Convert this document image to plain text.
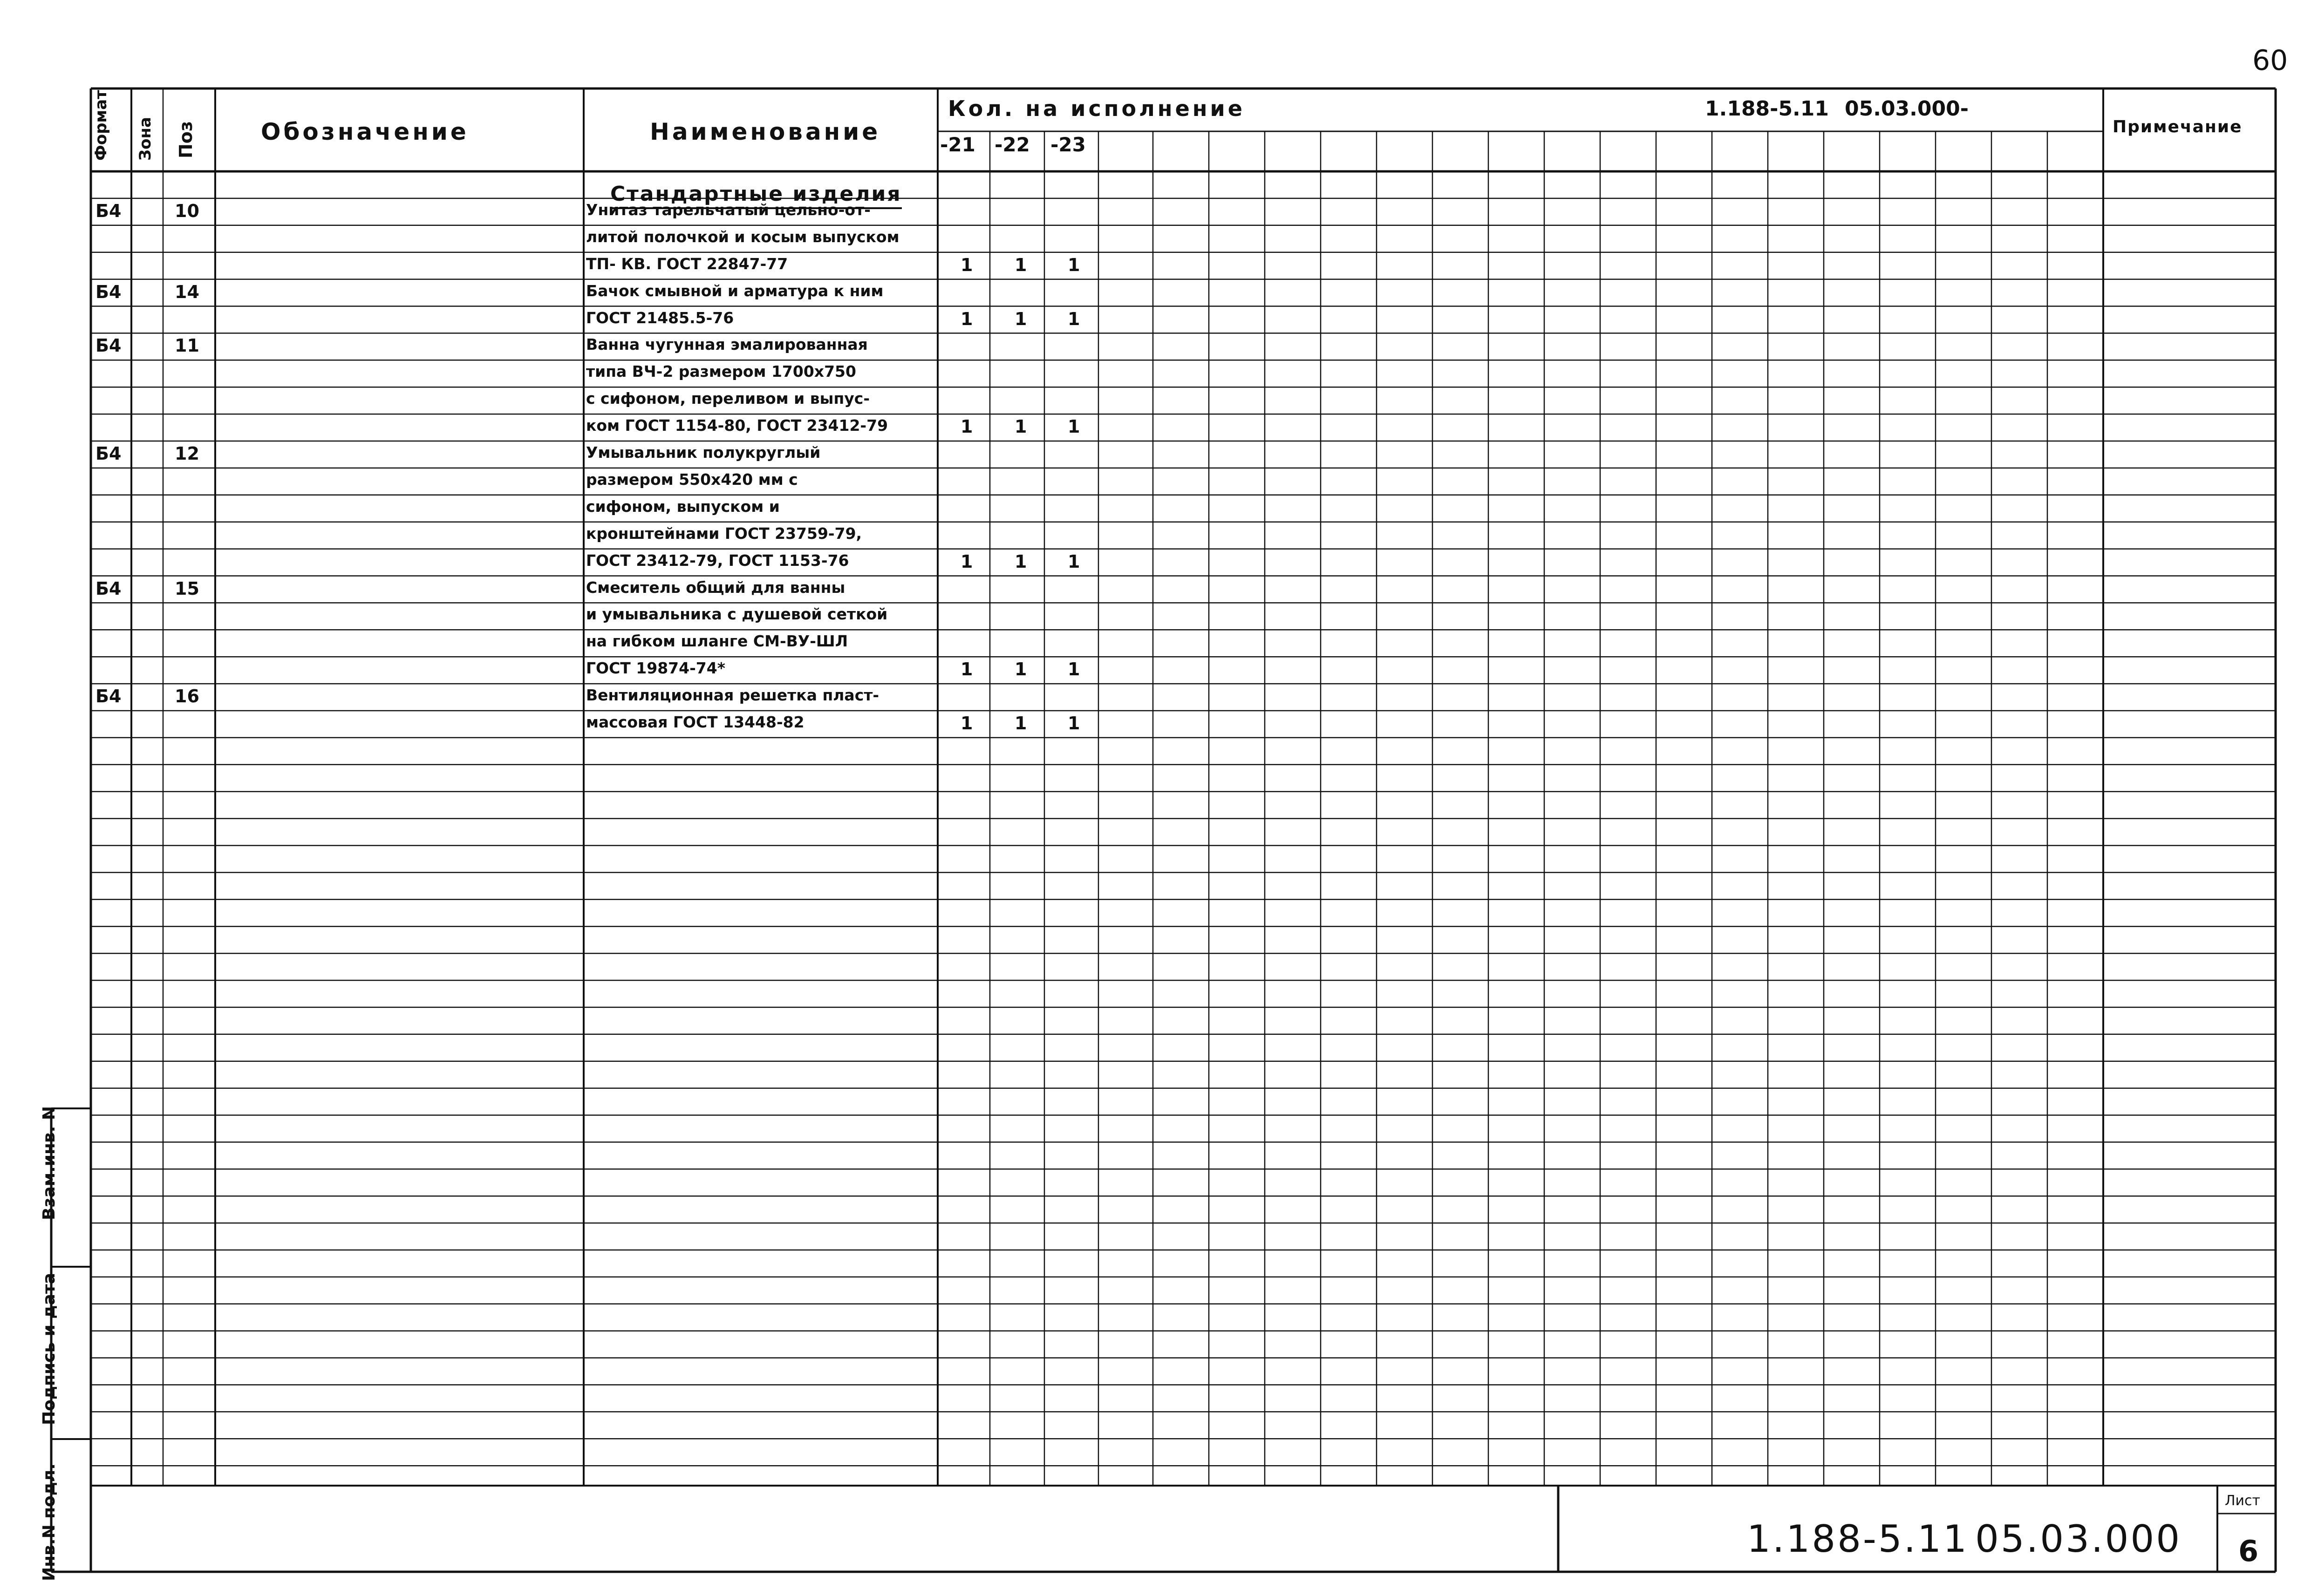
60
Формат Зона Поз	Обозначение	Наименование
Кол. на исполнение	1.188-5.11 05.03.000-
-21 -22 -23
Примечание
Стандартные изделия
Б4	10	Унитаз тарельчатый цельно-от-
литой полочкой и косым выпуском
ТП- КВ. ГОСТ 22847-77	1 1 1
Б4	14	Бачок смывной и арматура к ним
ГОСТ 21485.5-76	1 1 1
Б4	11	Ванна чугунная эмалированная
типа ВЧ-2 размером 1700х750
с сифоном, переливом и выпус-
ком ГОСТ 1154-80, ГОСТ 23412-79	1 1 1
Б4	12	Умывальник полукруглый
размером 550х420 мм с
сифоном, выпуском и
кронштейнами ГОСТ 23759-79,
ГОСТ 23412-79, ГОСТ 1153-76	1 1 1
Б4	15	Смеситель общий для ванны
и умывальника с душевой сеткой
на гибком шланге СМ-ВУ-ШЛ
ГОСТ 19874-74*	1 1 1
Б4	16	Вентиляционная решетка пласт-
массовая ГОСТ 13448-82	1 1 1
Инв.N подл.
Подпись и дата
Взам.инв. N
1.188-5.11 05.03.000
Лист
6
